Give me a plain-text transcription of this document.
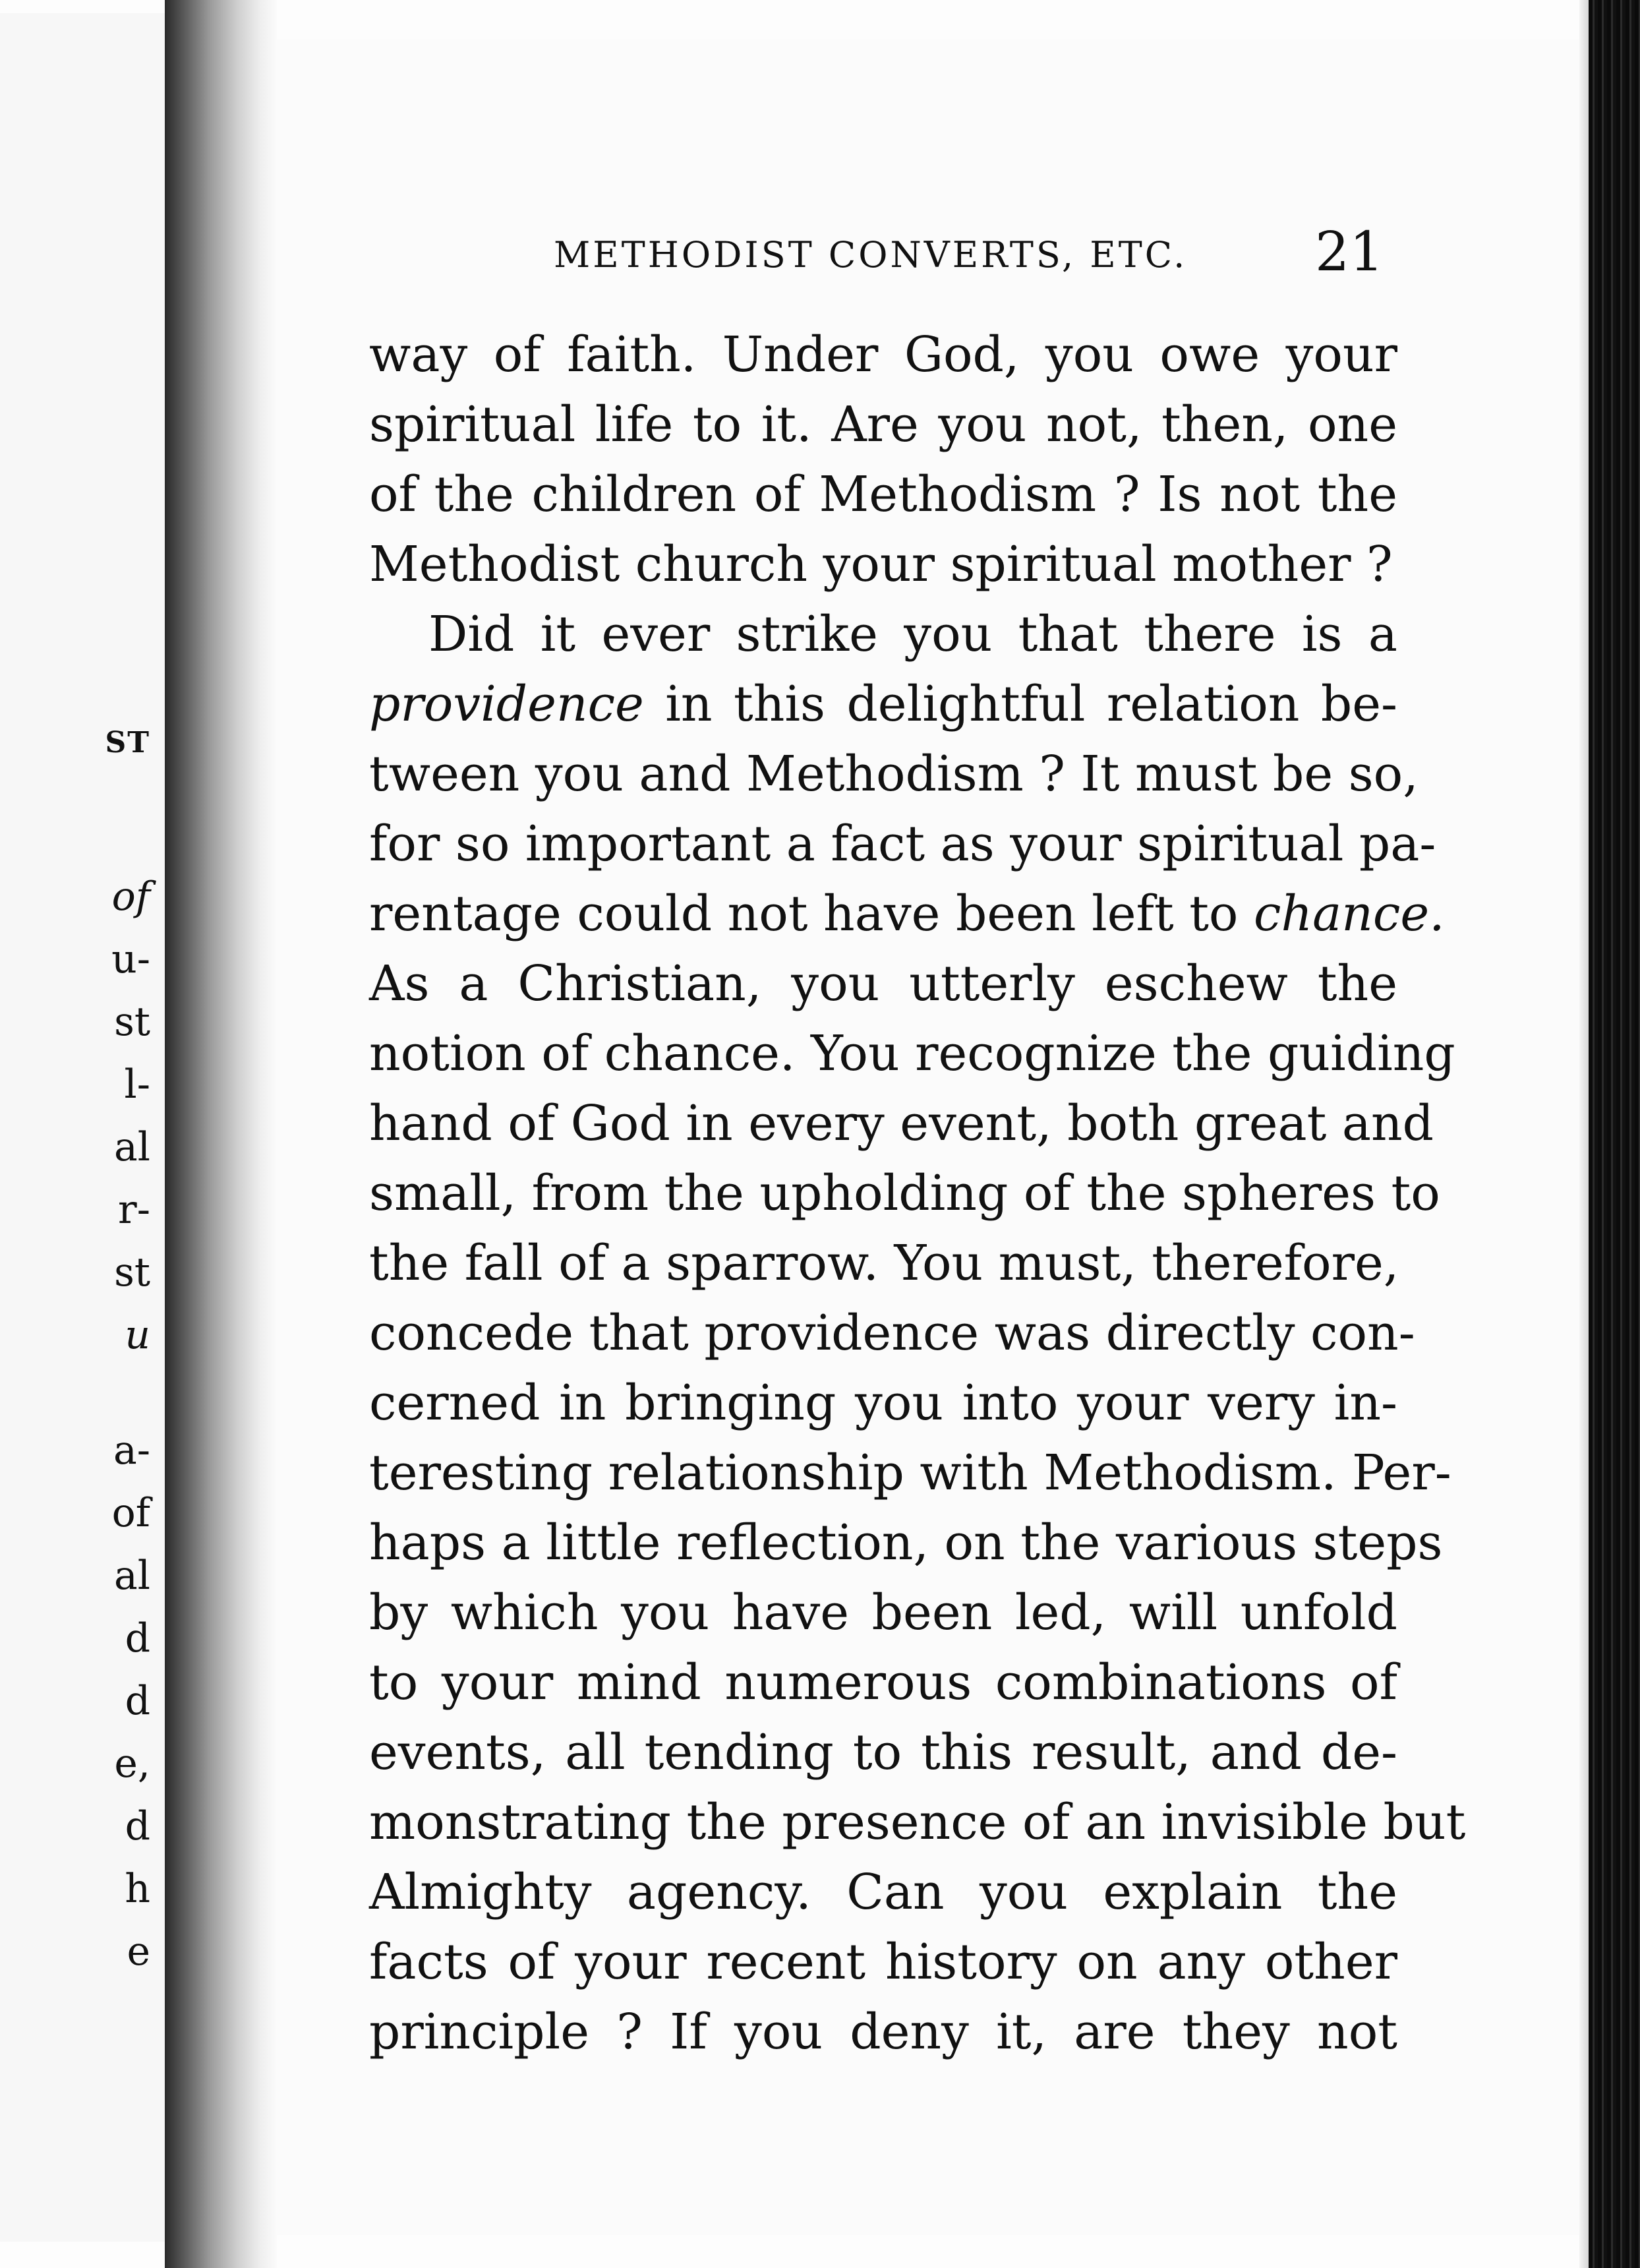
ST
of
u-
st
l-
al
r-
st
u
a-
of
al
d
d
e,
d
h
e
METHODIST CONVERTS, ETC. 21
way of faith. Under God, you owe your
spiritual life to it. Are you not, then, one
of the children of Methodism ? Is not the
Methodist church your spiritual mother ?
Did it ever strike you that there is a
providence in this delightful relation be-
tween you and Methodism ? It must be so,
for so important a fact as your spiritual pa-
rentage could not have been left to chance.
As a Christian, you utterly eschew the
notion of chance. You recognize the guiding
hand of God in every event, both great and
small, from the upholding of the spheres to
the fall of a sparrow. You must, therefore,
concede that providence was directly con-
cerned in bringing you into your very in-
teresting relationship with Methodism. Per-
haps a little reflection, on the various steps
by which you have been led, will unfold
to your mind numerous combinations of
events, all tending to this result, and de-
monstrating the presence of an invisible but
Almighty agency. Can you explain the
facts of your recent history on any other
principle ? If you deny it, are they not
